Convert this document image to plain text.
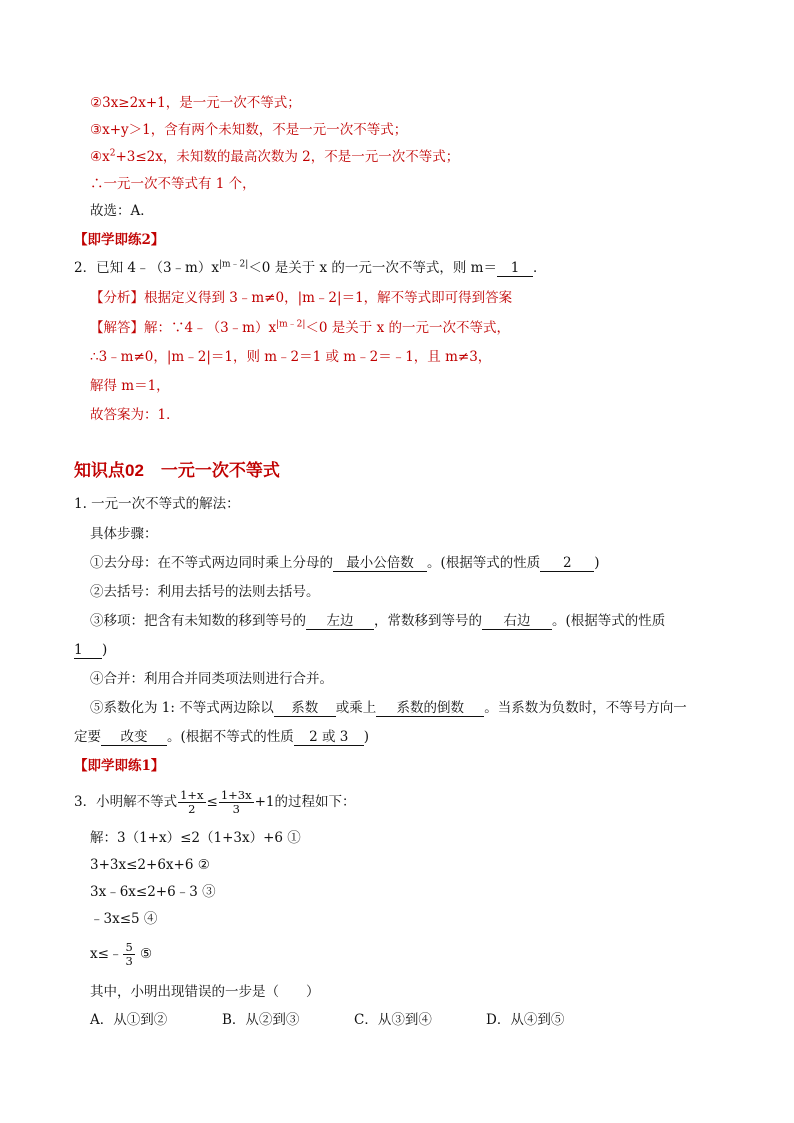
②3x≥2x+1，是一元一次不等式；
③x+y＞1，含有两个未知数，不是一元一次不等式；
$④x^2+3\le 2x$，未知数的最高次数为 2，不是一元一次不等式；
∴一元一次不等式有 1 个，
故选：A．
【即学即练2】
2．已知 $4﹣(3﹣m)x^{|m﹣2|}<0$ 是关于 x 的一元一次不等式，则 m＝ 1 ．
【分析】根据定义得到 3﹣m≠0，|m﹣2|＝1，解不等式即可得到答案
【解答】解：$\because 4﹣(3﹣m)x^{|m﹣2|}<0$ 是关于 x 的一元一次不等式，
∴3﹣m≠0，|m﹣2|＝1，则 m﹣2＝1 或 m﹣2＝﹣1，且 m≠3，
解得 m＝1，
故答案为：1．
知识点02　一元一次不等式
1. 一元一次不等式的解法：
具体步骤：
①去分母：在不等式两边同时乘上分母的 最小公倍数 。(根据等式的性质 2 )
②去括号：利用去括号的法则去括号。
③移项：把含有未知数的移到等号的 左边 ，常数移到等号的 右边 。(根据等式的性质
1 )
④合并：利用合并同类项法则进行合并。
⑤系数化为 1: 不等式两边除以 系数 或乘上 系数的倒数 。当系数为负数时，不等号方向一
定要 改变 。(根据不等式的性质 2 或 3 )
【即学即练1】
3．小明解不等式 $\frac{1+x}{2} \le \frac{1+3x}{3} +1$的过程如下：
解：3（1+x）≤2（1+3x）+6 ①
3+3x≤2+6x+6 ②
3x﹣6x≤2+6﹣3 ③
﹣3x≤5 ④
x≤﹣ $\frac{5}{3}$ ⑤
其中，小明出现错误的一步是（　　）
A．从①到②	B．从②到③	C．从③到④	D．从④到⑤
